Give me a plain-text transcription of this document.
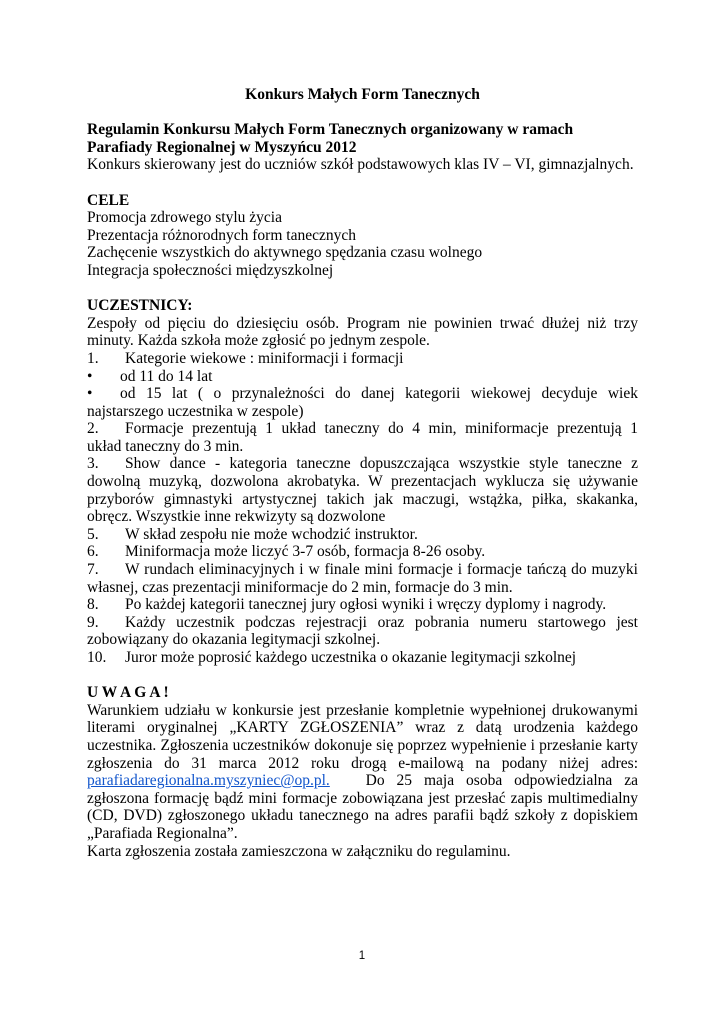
Konkurs Małych Form Tanecznych

Regulamin Konkursu Małych Form Tanecznych organizowany w ramach

Parafiady Regionalnej w Myszyńcu 2012

Konkurs skierowany jest do uczniów szkół podstawowych klas IV – VI, gimnazjalnych.

CELE

Promocja zdrowego stylu życia

Prezentacja różnorodnych form tanecznych

Zachęcenie wszystkich do aktywnego spędzania czasu wolnego

Integracja społeczności międzyszkolnej

UCZESTNICY:

Zespoły od pięciu do dziesięciu osób. Program nie powinien trwać dłużej niż trzy minuty. Każda szkoła może zgłosić po jednym zespole.

1.	Kategorie wiekowe : miniformacji i formacji
•	od 11 do 14 lat
•	od 15 lat ( o przynależności do danej kategorii wiekowej decyduje wiek

najstarszego uczestnika w zespole)

2.	Formacje prezentują 1 układ taneczny do 4 min, miniformacje prezentują 1

układ taneczny do 3 min.

3.	Show dance - kategoria taneczne dopuszczająca wszystkie style taneczne z

dowolną muzyką, dozwolona akrobatyka. W prezentacjach wyklucza się używanie przyborów gimnastyki artystycznej takich jak maczugi, wstążka, piłka, skakanka, obręcz. Wszystkie inne rekwizyty są dozwolone

5.	W skład zespołu nie może wchodzić instruktor.
6.	Miniformacja może liczyć 3-7 osób, formacja 8-26 osoby.
7.	W rundach eliminacyjnych i w finale mini formacje i formacje tańczą do muzyki

własnej, czas prezentacji miniformacje do 2 min, formacje do 3 min.

8.	Po każdej kategorii tanecznej jury ogłosi wyniki i wręczy dyplomy i nagrody.
9.	Każdy uczestnik podczas rejestracji oraz pobrania numeru startowego jest

zobowiązany do okazania legitymacji szkolnej.

10.	Juror może poprosić każdego uczestnika o okazanie legitymacji szkolnej

U W A G A !

Warunkiem udziału w konkursie jest przesłanie kompletnie wypełnionej drukowanymi literami oryginalnej „KARTY ZGŁOSZENIA” wraz z datą urodzenia każdego uczestnika. Zgłoszenia uczestników dokonuje się poprzez wypełnienie i przesłanie karty zgłoszenia do 31 marca 2012 roku drogą e-mailową na podany niżej adres: parafiadaregionalna.myszyniec@op.pl. Do 25 maja osoba odpowiedzialna za zgłoszona formację bądź mini formacje zobowiązana jest przesłać zapis multimedialny (CD, DVD) zgłoszonego układu tanecznego na adres parafii bądź szkoły z dopiskiem „Parafiada Regionalna”.

Karta zgłoszenia została zamieszczona w załączniku do regulaminu.

1
